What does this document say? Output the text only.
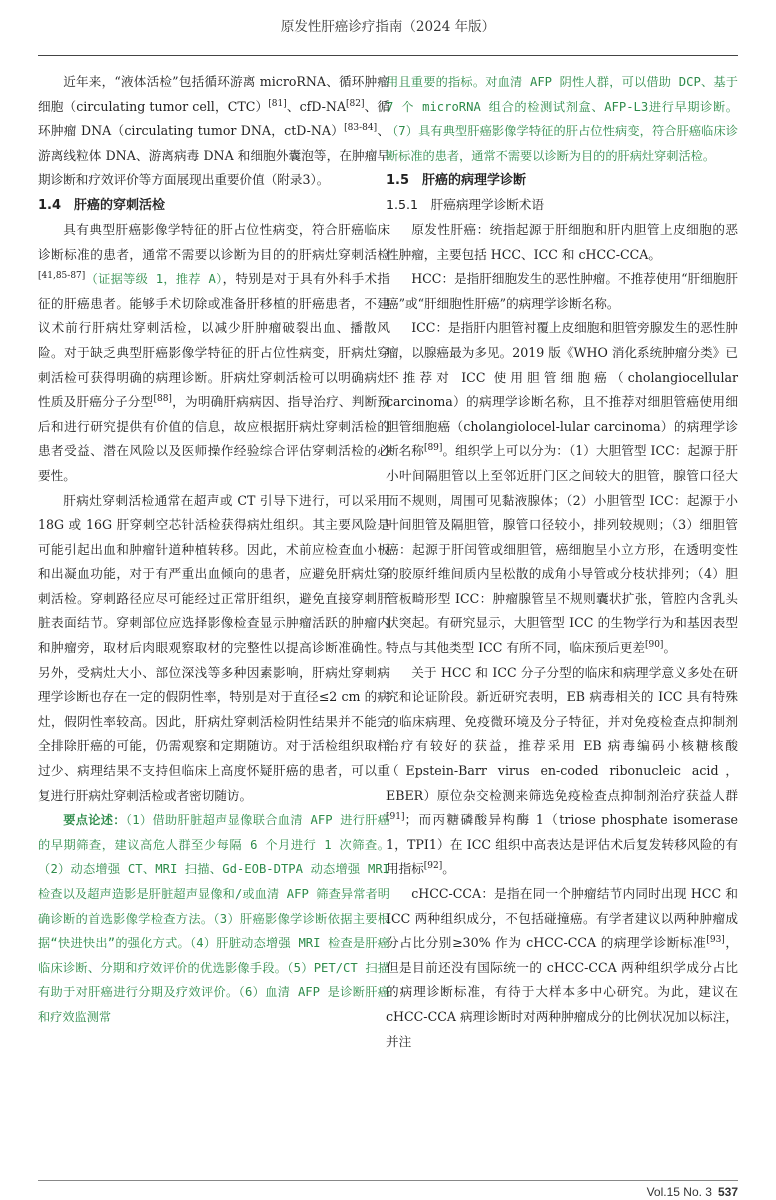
原发性肝癌诊疗指南（2024 年版）

近年来，“液体活检”包括循环游离 microRNA、循环肿瘤细胞（circulating tumor cell，CTC）[81]、cfD-NA[82]、循环肿瘤 DNA（circulating tumor DNA，ctD-NA）[83-84]、游离线粒体 DNA、游离病毒 DNA 和细胞外囊泡等，在肿瘤早期诊断和疗效评价等方面展现出重要价值（附录3）。

1.4　肝癌的穿刺活检

具有典型肝癌影像学特征的肝占位性病变，符合肝癌临床诊断标准的患者，通常不需要以诊断为目的的肝病灶穿刺活检[41,85-87]（证据等级 1，推荐 A），特别是对于具有外科手术指征的肝癌患者。能够手术切除或准备肝移植的肝癌患者，不建议术前行肝病灶穿刺活检，以减少肝肿瘤破裂出血、播散风险。对于缺乏典型肝癌影像学特征的肝占位性病变，肝病灶穿刺活检可获得明确的病理诊断。肝病灶穿刺活检可以明确病灶性质及肝癌分子分型[88]，为明确肝病病因、指导治疗、判断预后和进行研究提供有价值的信息，故应根据肝病灶穿刺活检的患者受益、潜在风险以及医师操作经验综合评估穿刺活检的必要性。

肝病灶穿刺活检通常在超声或 CT 引导下进行，可以采用 18G 或 16G 肝穿刺空芯针活检获得病灶组织。其主要风险是可能引起出血和肿瘤针道种植转移。因此，术前应检查血小板和出凝血功能，对于有严重出血倾向的患者，应避免肝病灶穿刺活检。穿刺路径应尽可能经过正常肝组织，避免直接穿刺肝脏表面结节。穿刺部位应选择影像检查显示肿瘤活跃的肿瘤内和肿瘤旁，取材后肉眼观察取材的完整性以提高诊断准确性。另外，受病灶大小、部位深浅等多种因素影响，肝病灶穿刺病理学诊断也存在一定的假阴性率，特别是对于直径≤2 cm 的病灶，假阴性率较高。因此，肝病灶穿刺活检阴性结果并不能完全排除肝癌的可能，仍需观察和定期随访。对于活检组织取样过少、病理结果不支持但临床上高度怀疑肝癌的患者，可以重复进行肝病灶穿刺活检或者密切随访。

要点论述：（1）借助肝脏超声显像联合血清 AFP 进行肝癌的早期筛查，建议高危人群至少每隔 6 个月进行 1 次筛查。（2）动态增强 CT、MRI 扫描、Gd-EOB-DTPA 动态增强 MRI 检查以及超声造影是肝脏超声显像和/或血清 AFP 筛查异常者明确诊断的首选影像学检查方法。（3）肝癌影像学诊断依据主要根据“快进快出”的强化方式。（4）肝脏动态增强 MRI 检查是肝癌临床诊断、分期和疗效评价的优选影像手段。（5）PET/CT 扫描有助于对肝癌进行分期及疗效评价。（6）血清 AFP 是诊断肝癌和疗效监测常

用且重要的指标。对血清 AFP 阴性人群，可以借助 DCP、基于 7 个 microRNA 组合的检测试剂盒、AFP-L3进行早期诊断。（7）具有典型肝癌影像学特征的肝占位性病变，符合肝癌临床诊断标准的患者，通常不需要以诊断为目的的肝病灶穿刺活检。

1.5　肝癌的病理学诊断
1.5.1　肝癌病理学诊断术语

原发性肝癌：统指起源于肝细胞和肝内胆管上皮细胞的恶性肿瘤，主要包括 HCC、ICC 和 cHCC-CCA。

HCC：是指肝细胞发生的恶性肿瘤。不推荐使用“肝细胞肝癌”或“肝细胞性肝癌”的病理学诊断名称。

ICC：是指肝内胆管衬覆上皮细胞和胆管旁腺发生的恶性肿瘤，以腺癌最为多见。2019 版《WHO 消化系统肿瘤分类》已不推荐对 ICC 使用胆管细胞癌（cholangiocellular carcinoma）的病理学诊断名称，且不推荐对细胆管癌使用细胆管细胞癌（cholangiolocel-lular carcinoma）的病理学诊断名称[89]。组织学上可以分为：（1）大胆管型 ICC：起源于肝小叶间隔胆管以上至邻近肝门区之间较大的胆管，腺管口径大而不规则，周围可见黏液腺体；（2）小胆管型 ICC：起源于小叶间胆管及隔胆管，腺管口径较小，排列较规则；（3）细胆管癌：起源于肝闰管或细胆管，癌细胞呈小立方形，在透明变性的胶原纤维间质内呈松散的成角小导管或分枝状排列；（4）胆管板畸形型 ICC：肿瘤腺管呈不规则囊状扩张，管腔内含乳头状突起。有研究显示，大胆管型 ICC 的生物学行为和基因表型特点与其他类型 ICC 有所不同，临床预后更差[90]。

关于 HCC 和 ICC 分子分型的临床和病理学意义多处在研究和论证阶段。新近研究表明，EB 病毒相关的 ICC 具有特殊的临床病理、免疫微环境及分子特征，并对免疫检查点抑制剂治疗有较好的获益，推荐采用 EB 病毒编码小核糖核酸（Epstein-Barr virus en-coded ribonucleic acid，EBER）原位杂交检测来筛选免疫检查点抑制剂治疗获益人群[91]；而丙糖磷酸异构酶 1（triose phosphate isomerase 1，TPI1）在 ICC 组织中高表达是评估术后复发转移风险的有用指标[92]。

cHCC-CCA：是指在同一个肿瘤结节内同时出现 HCC 和 ICC 两种组织成分，不包括碰撞癌。有学者建议以两种肿瘤成分占比分别≥30% 作为 cHCC-CCA 的病理学诊断标准[93]，但是目前还没有国际统一的 cHCC-CCA 两种组织学成分占比的病理诊断标准，有待于大样本多中心研究。为此，建议在 cHCC-CCA 病理诊断时对两种肿瘤成分的比例状况加以标注，并注

Vol.15 No. 3 537
